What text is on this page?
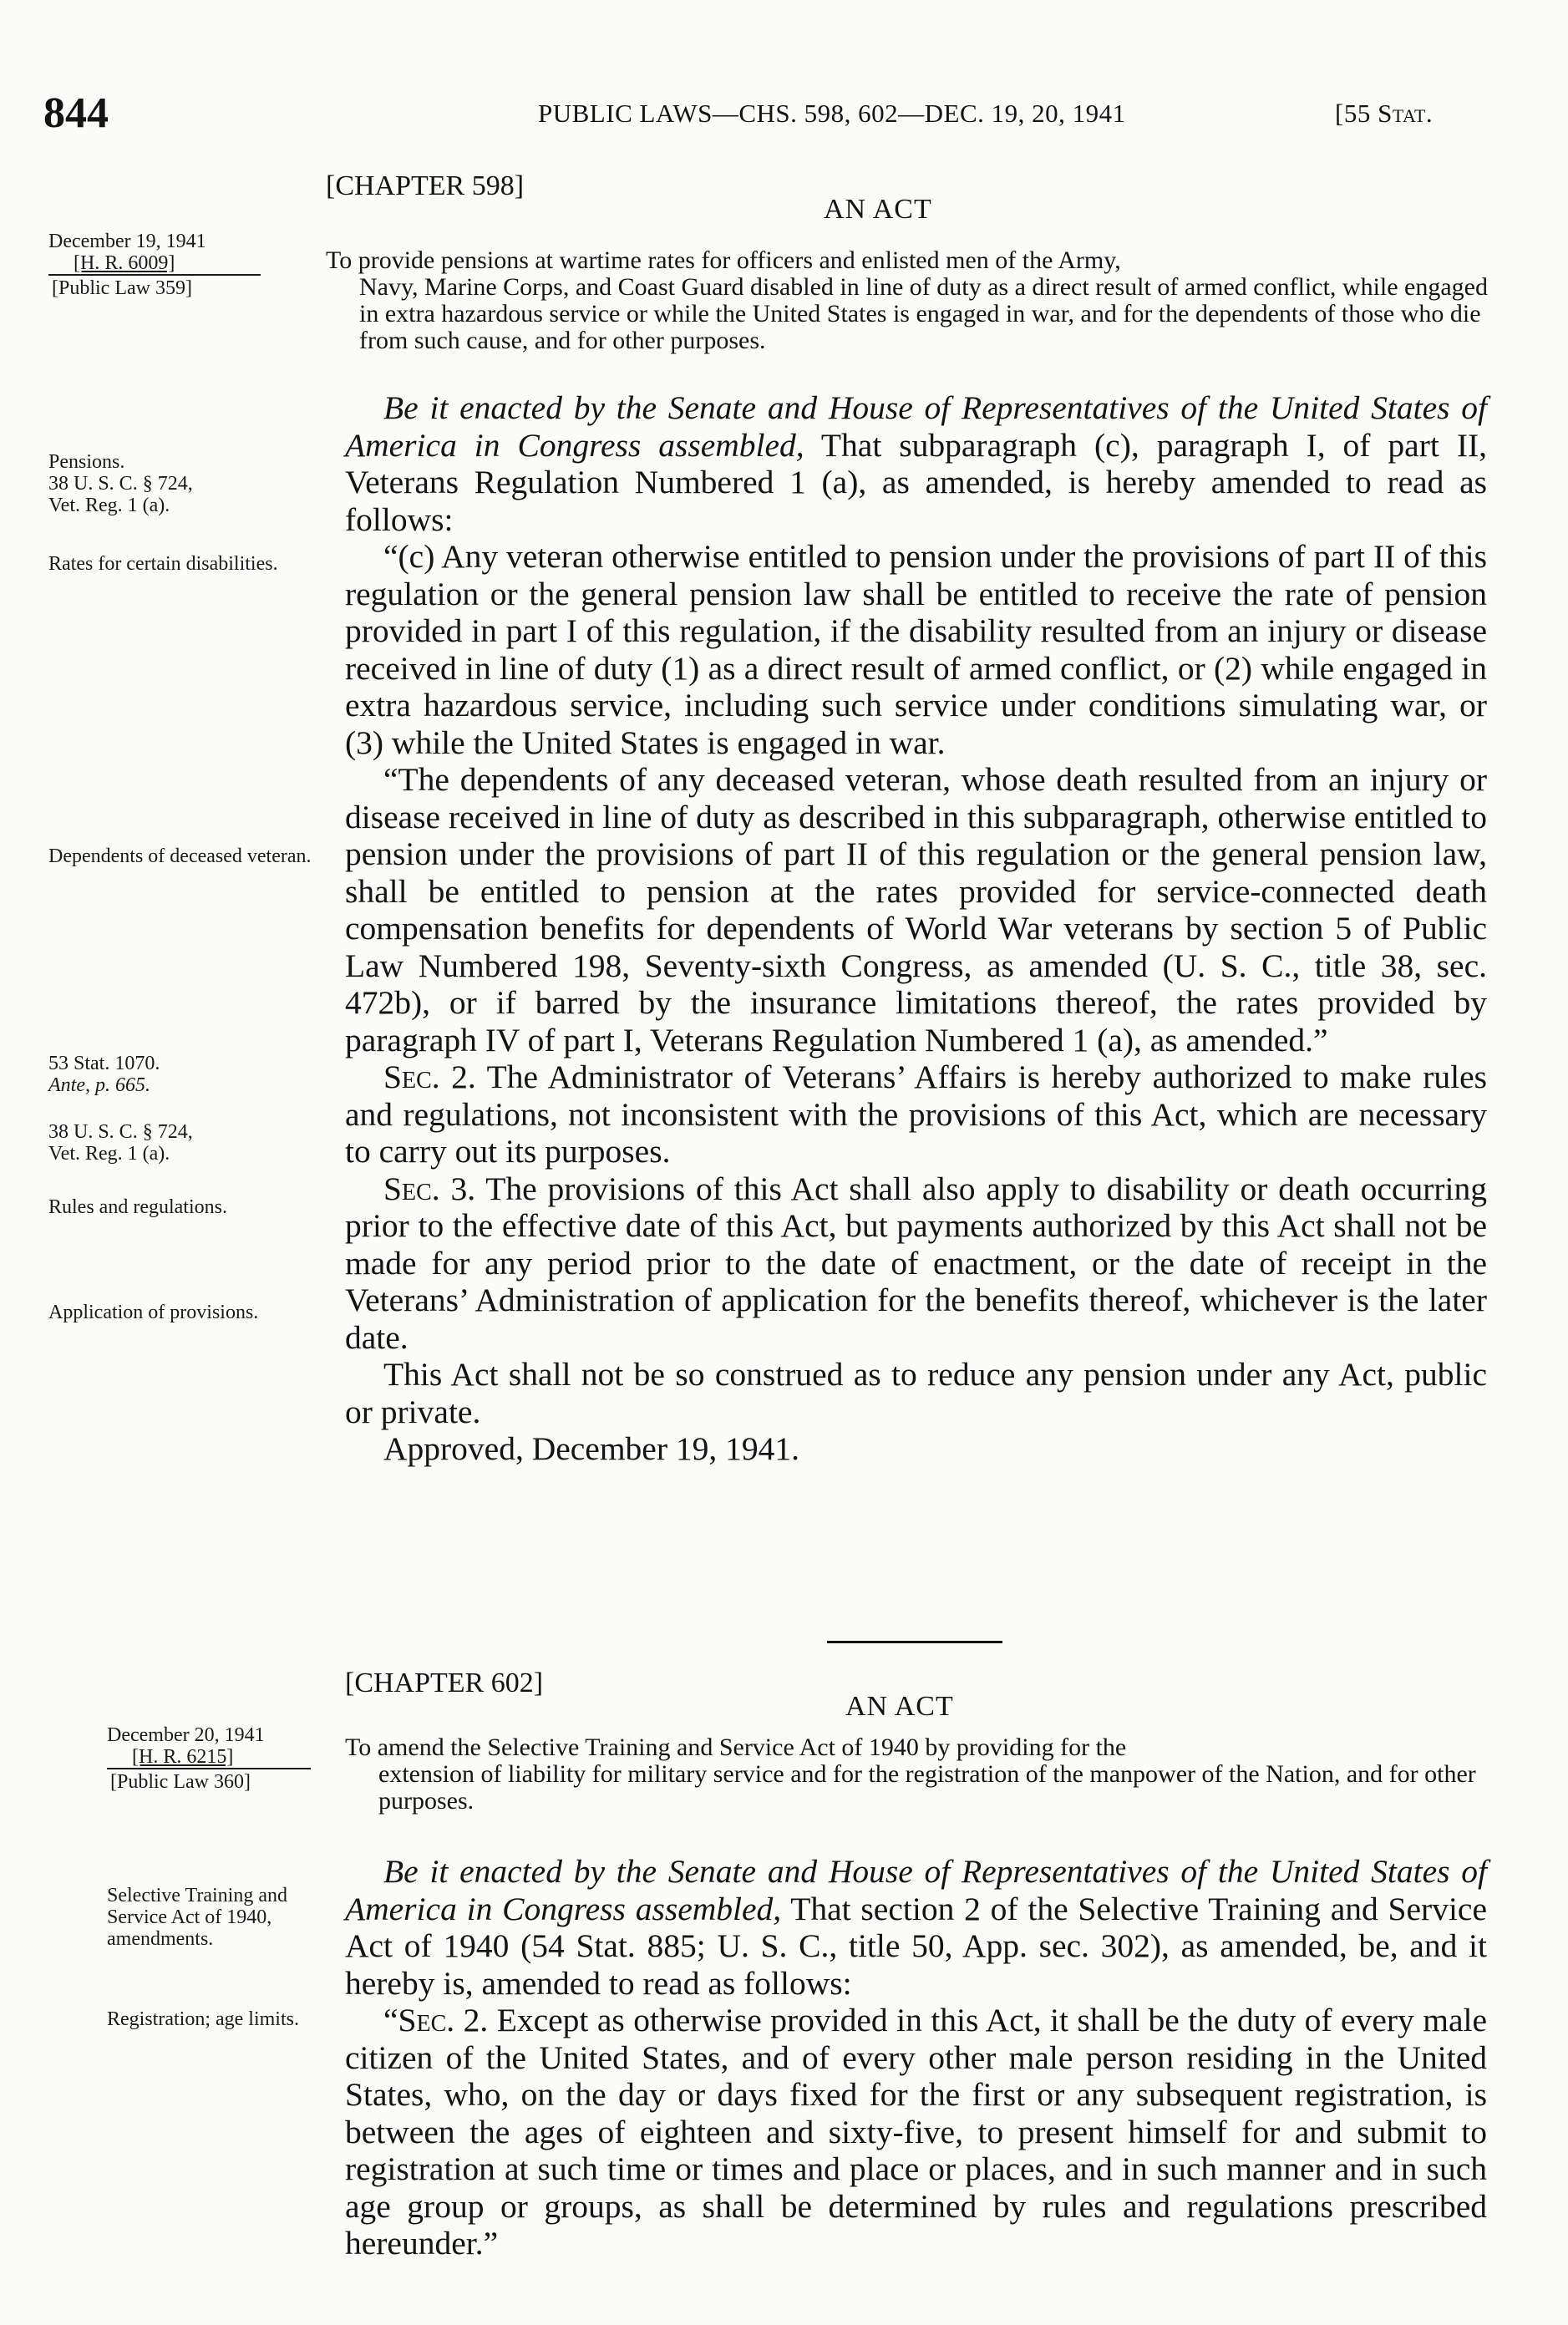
844	PUBLIC LAWS—CHS. 598, 602—DEC. 19, 20, 1941	[55 Stat.
[CHAPTER 598]
AN ACT
December 19, 1941
[H. R. 6009]
[Public Law 359]
To provide pensions at wartime rates for officers and enlisted men of the Army,
Navy, Marine Corps, and Coast Guard disabled in line of duty as a direct result of armed conflict, while engaged in extra hazardous service or while the United States is engaged in war, and for the dependents of those who die from such cause, and for other purposes.
Pensions.
38 U. S. C. § 724,
Vet. Reg. 1 (a).
Rates for certain disabilities.
Dependents of deceased veteran.
53 Stat. 1070.
Ante, p. 665.
38 U. S. C. § 724,
Vet. Reg. 1 (a).
Rules and regulations.
Application of provisions.

Be it enacted by the Senate and House of Representatives of the United States of America in Congress assembled, That subparagraph (c), paragraph I, of part II, Veterans Regulation Numbered 1 (a), as amended, is hereby amended to read as follows:

“(c) Any veteran otherwise entitled to pension under the provisions of part II of this regulation or the general pension law shall be entitled to receive the rate of pension provided in part I of this regulation, if the disability resulted from an injury or disease received in line of duty (1) as a direct result of armed conflict, or (2) while engaged in extra hazardous service, including such service under conditions simulating war, or (3) while the United States is engaged in war.

“The dependents of any deceased veteran, whose death resulted from an injury or disease received in line of duty as described in this subparagraph, otherwise entitled to pension under the provisions of part II of this regulation or the general pension law, shall be entitled to pension at the rates provided for service-connected death compensation benefits for dependents of World War veterans by section 5 of Public Law Numbered 198, Seventy-sixth Congress, as amended (U. S. C., title 38, sec. 472b), or if barred by the insurance limitations thereof, the rates provided by paragraph IV of part I, Veterans Regulation Numbered 1 (a), as amended.”

Sec. 2. The Administrator of Veterans’ Affairs is hereby authorized to make rules and regulations, not inconsistent with the provisions of this Act, which are necessary to carry out its purposes.

Sec. 3. The provisions of this Act shall also apply to disability or death occurring prior to the effective date of this Act, but payments authorized by this Act shall not be made for any period prior to the date of enactment, or the date of receipt in the Veterans’ Administration of application for the benefits thereof, whichever is the later date.

This Act shall not be so construed as to reduce any pension under any Act, public or private.

Approved, December 19, 1941.

[CHAPTER 602]
AN ACT
December 20, 1941
[H. R. 6215]
[Public Law 360]
To amend the Selective Training and Service Act of 1940 by providing for the
extension of liability for military service and for the registration of the manpower of the Nation, and for other purposes.
Selective Training and Service Act of 1940, amendments.
Registration; age limits.

Be it enacted by the Senate and House of Representatives of the United States of America in Congress assembled, That section 2 of the Selective Training and Service Act of 1940 (54 Stat. 885; U. S. C., title 50, App. sec. 302), as amended, be, and it hereby is, amended to read as follows:

“Sec. 2. Except as otherwise provided in this Act, it shall be the duty of every male citizen of the United States, and of every other male person residing in the United States, who, on the day or days fixed for the first or any subsequent registration, is between the ages of eighteen and sixty-five, to present himself for and submit to registration at such time or times and place or places, and in such manner and in such age group or groups, as shall be determined by rules and regulations prescribed hereunder.”
